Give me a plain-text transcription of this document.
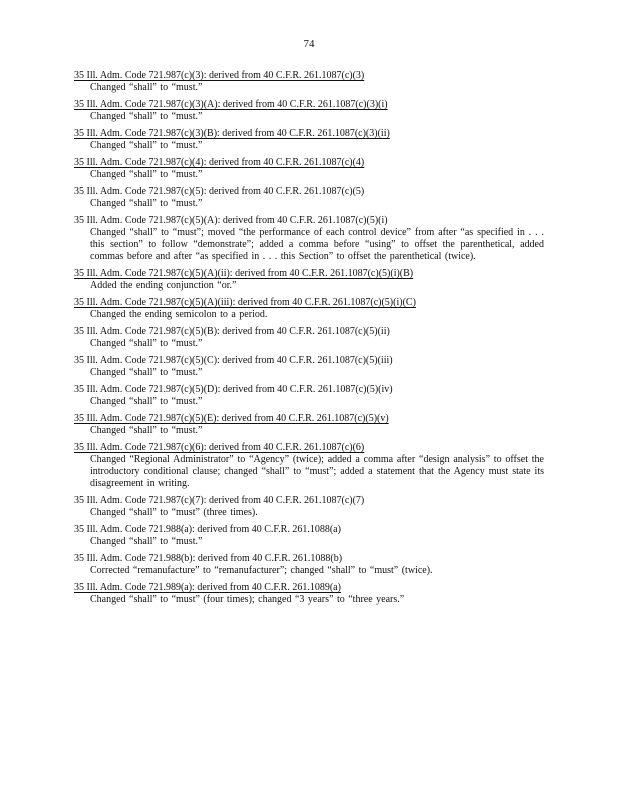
74
35 Ill. Adm. Code 721.987(c)(3): derived from 40 C.F.R. 261.1087(c)(3)
Changed “shall” to “must.”
35 Ill. Adm. Code 721.987(c)(3)(A): derived from 40 C.F.R. 261.1087(c)(3)(i)
Changed “shall” to “must.”
35 Ill. Adm. Code 721.987(c)(3)(B): derived from 40 C.F.R. 261.1087(c)(3)(ii)
Changed “shall” to “must.”
35 Ill. Adm. Code 721.987(c)(4): derived from 40 C.F.R. 261.1087(c)(4)
Changed “shall” to “must.”
35 Ill. Adm. Code 721.987(c)(5): derived from 40 C.F.R. 261.1087(c)(5)
Changed “shall” to “must.”
35 Ill. Adm. Code 721.987(c)(5)(A): derived from 40 C.F.R. 261.1087(c)(5)(i)
Changed “shall” to “must”; moved “the performance of each control device” from after “as specified in . . . this section” to follow “demonstrate”; added a comma before “using” to offset the parenthetical, added commas before and after “as specified in . . . this Section” to offset the parenthetical (twice).
35 Ill. Adm. Code 721.987(c)(5)(A)(ii): derived from 40 C.F.R. 261.1087(c)(5)(i)(B)
Added the ending conjunction “or.”
35 Ill. Adm. Code 721.987(c)(5)(A)(iii): derived from 40 C.F.R. 261.1087(c)(5)(i)(C)
Changed the ending semicolon to a period.
35 Ill. Adm. Code 721.987(c)(5)(B): derived from 40 C.F.R. 261.1087(c)(5)(ii)
Changed “shall” to “must.”
35 Ill. Adm. Code 721.987(c)(5)(C): derived from 40 C.F.R. 261.1087(c)(5)(iii)
Changed “shall” to “must.”
35 Ill. Adm. Code 721.987(c)(5)(D): derived from 40 C.F.R. 261.1087(c)(5)(iv)
Changed “shall” to “must.”
35 Ill. Adm. Code 721.987(c)(5)(E): derived from 40 C.F.R. 261.1087(c)(5)(v)
Changed “shall” to “must.”
35 Ill. Adm. Code 721.987(c)(6): derived from 40 C.F.R. 261.1087(c)(6)
Changed “Regional Administrator” to “Agency” (twice); added a comma after “design analysis” to offset the introductory conditional clause; changed “shall” to “must”; added a statement that the Agency must state its disagreement in writing.
35 Ill. Adm. Code 721.987(c)(7): derived from 40 C.F.R. 261.1087(c)(7)
Changed “shall” to “must” (three times).
35 Ill. Adm. Code 721.988(a): derived from 40 C.F.R. 261.1088(a)
Changed “shall” to “must.”
35 Ill. Adm. Code 721.988(b): derived from 40 C.F.R. 261.1088(b)
Corrected “remanufacture” to “remanufacturer”; changed “shall” to “must” (twice).
35 Ill. Adm. Code 721.989(a): derived from 40 C.F.R. 261.1089(a)
Changed “shall” to “must” (four times); changed “3 years” to “three years.”
